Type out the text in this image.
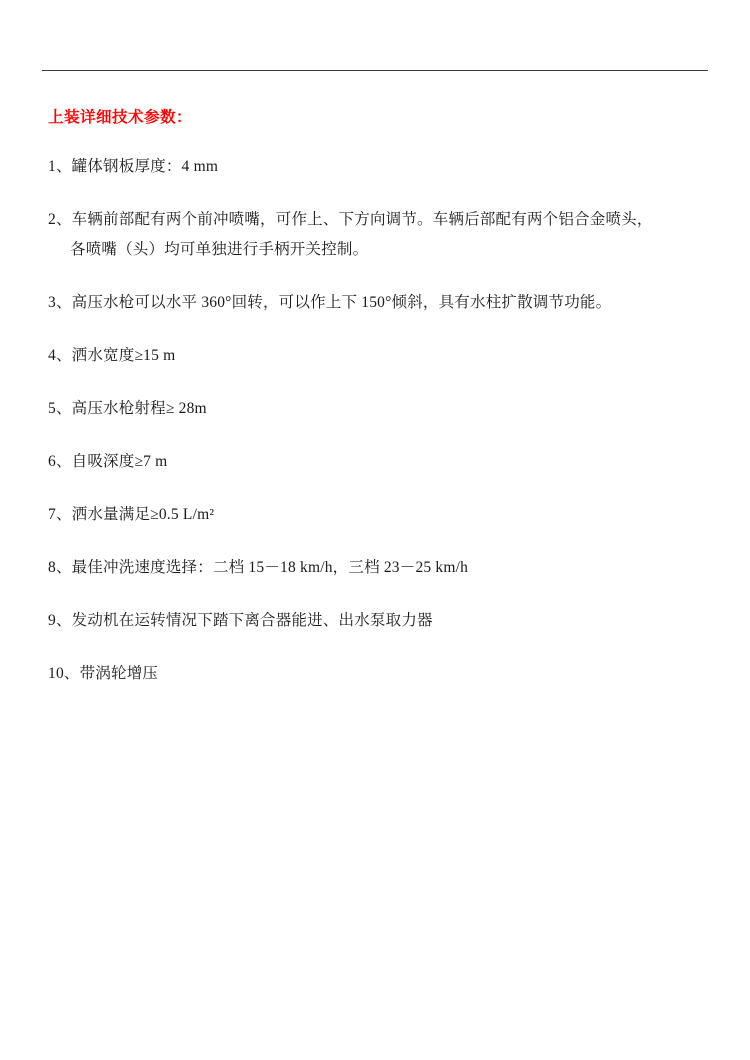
上装详细技术参数：

1、罐体钢板厚度：4 mm

2、车辆前部配有两个前冲喷嘴，可作上、下方向调节。车辆后部配有两个铝合金喷头，
各喷嘴（头）均可单独进行手柄开关控制。

3、高压水枪可以水平 360°回转，可以作上下 150°倾斜，具有水柱扩散调节功能。

4、洒水宽度≥15 m

5、高压水枪射程≥ 28m

6、自吸深度≥7 m

7、洒水量满足≥0.5 L/m²

8、最佳冲洗速度选择：二档 15－18 km/h，三档 23－25 km/h

9、发动机在运转情况下踏下离合器能进、出水泵取力器

10、带涡轮增压
